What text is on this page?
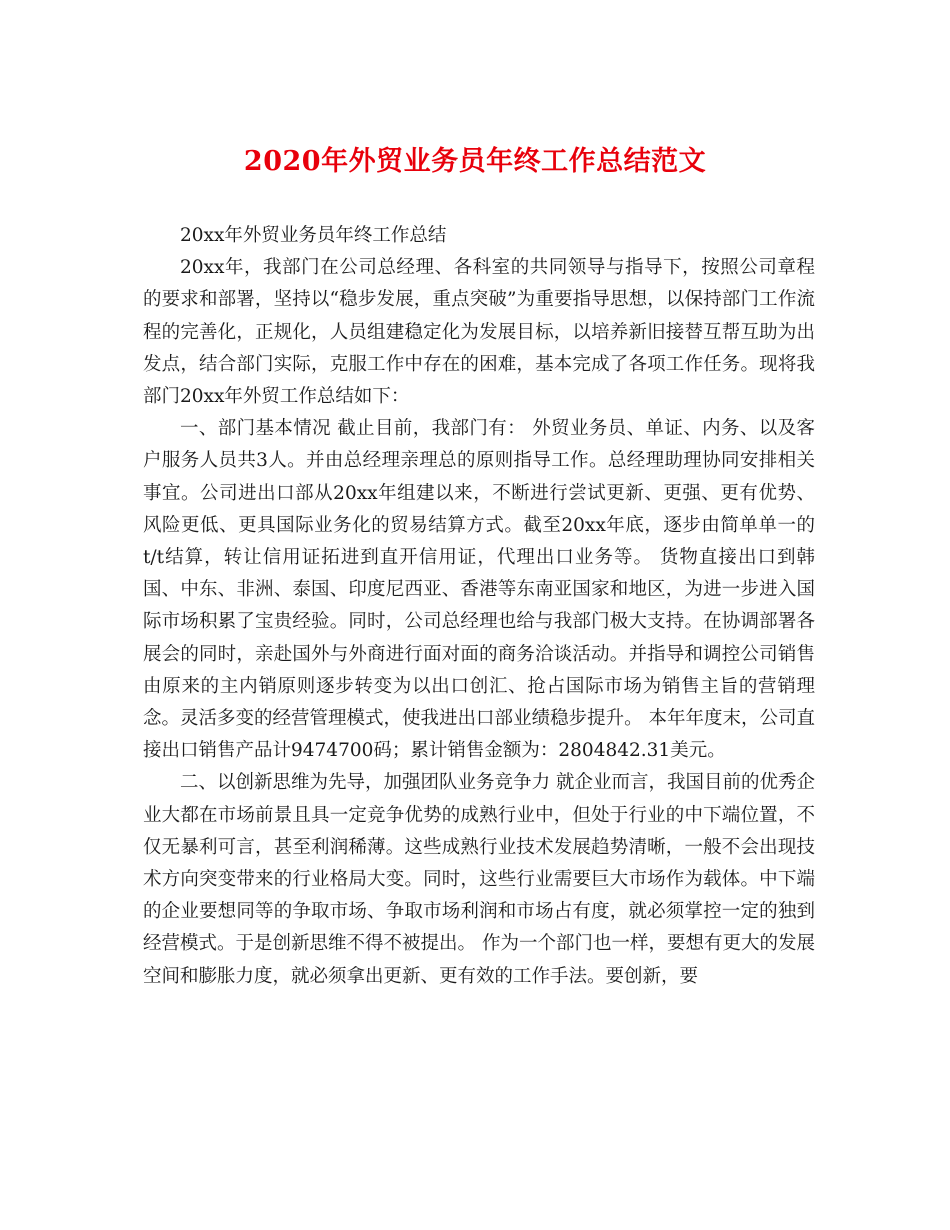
2020年外贸业务员年终工作总结范文

20xx年外贸业务员年终工作总结

20xx年，我部门在公司总经理、各科室的共同领导与指导下，按照公司章程的要求和部署，坚持以“稳步发展，重点突破”为重要指导思想，以保持部门工作流程的完善化，正规化，人员组建稳定化为发展目标，以培养新旧接替互帮互助为出发点，结合部门实际，克服工作中存在的困难，基本完成了各项工作任务。现将我部门20xx年外贸工作总结如下：

一、部门基本情况 截止目前，我部门有： 外贸业务员、单证、内务、以及客户服务人员共3人。并由总经理亲理总的原则指导工作。总经理助理协同安排相关事宜。公司进出口部从20xx年组建以来，不断进行尝试更新、更强、更有优势、风险更低、更具国际业务化的贸易结算方式。截至20xx年底，逐步由简单单一的t/t结算，转让信用证拓进到直开信用证，代理出口业务等。 货物直接出口到韩国、中东、非洲、泰国、印度尼西亚、香港等东南亚国家和地区，为进一步进入国际市场积累了宝贵经验。同时，公司总经理也给与我部门极大支持。在协调部署各展会的同时，亲赴国外与外商进行面对面的商务洽谈活动。并指导和调控公司销售由原来的主内销原则逐步转变为以出口创汇、抢占国际市场为销售主旨的营销理念。灵活多变的经营管理模式，使我进出口部业绩稳步提升。 本年年度末，公司直接出口销售产品计9474700码；累计销售金额为：2804842.31美元。

二、以创新思维为先导，加强团队业务竞争力 就企业而言，我国目前的优秀企业大都在市场前景且具一定竞争优势的成熟行业中，但处于行业的中下端位置，不仅无暴利可言，甚至利润稀薄。这些成熟行业技术发展趋势清晰，一般不会出现技术方向突变带来的行业格局大变。同时，这些行业需要巨大市场作为载体。中下端的企业要想同等的争取市场、争取市场利润和市场占有度，就必须掌控一定的独到经营模式。于是创新思维不得不被提出。 作为一个部门也一样，要想有更大的发展空间和膨胀力度，就必须拿出更新、更有效的工作手法。要创新，要
